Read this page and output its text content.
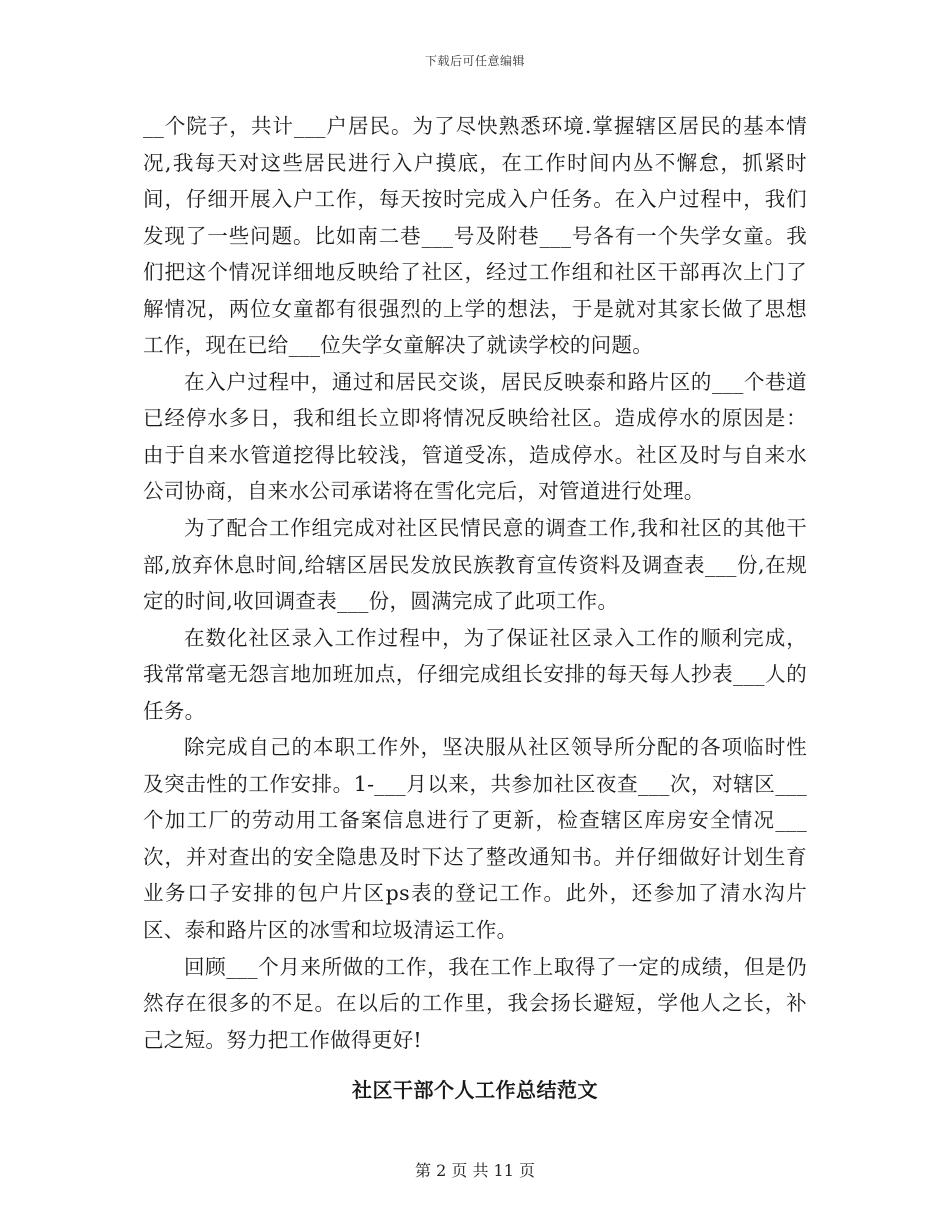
下载后可任意编辑

__个院子，共计___户居民。为了尽快熟悉环境.掌握辖区居民的基本情况,我每天对这些居民进行入户摸底，在工作时间内丛不懈怠，抓紧时间，仔细开展入户工作，每天按时完成入户任务。在入户过程中，我们发现了一些问题。比如南二巷___号及附巷___号各有一个失学女童。我们把这个情况详细地反映给了社区，经过工作组和社区干部再次上门了解情况，两位女童都有很强烈的上学的想法，于是就对其家长做了思想工作，现在已给___位失学女童解决了就读学校的问题。

在入户过程中，通过和居民交谈，居民反映泰和路片区的___个巷道已经停水多日，我和组长立即将情况反映给社区。造成停水的原因是：由于自来水管道挖得比较浅，管道受冻，造成停水。社区及时与自来水公司协商，自来水公司承诺将在雪化完后，对管道进行处理。

为了配合工作组完成对社区民情民意的调查工作,我和社区的其他干部,放弃休息时间,给辖区居民发放民族教育宣传资料及调查表___份,在规定的时间,收回调查表___份，圆满完成了此项工作。

在数化社区录入工作过程中，为了保证社区录入工作的顺利完成，我常常毫无怨言地加班加点，仔细完成组长安排的每天每人抄表___人的任务。

除完成自己的本职工作外，坚决服从社区领导所分配的各项临时性及突击性的工作安排。1-___月以来，共参加社区夜查___次，对辖区___个加工厂的劳动用工备案信息进行了更新，检查辖区库房安全情况___次，并对查出的安全隐患及时下达了整改通知书。并仔细做好计划生育业务口子安排的包户片区ps表的登记工作。此外，还参加了清水沟片区、泰和路片区的冰雪和垃圾清运工作。

回顾___个月来所做的工作，我在工作上取得了一定的成绩，但是仍然存在很多的不足。在以后的工作里，我会扬长避短，学他人之长，补己之短。努力把工作做得更好!

社区干部个人工作总结范文
第 2 页 共 11 页
